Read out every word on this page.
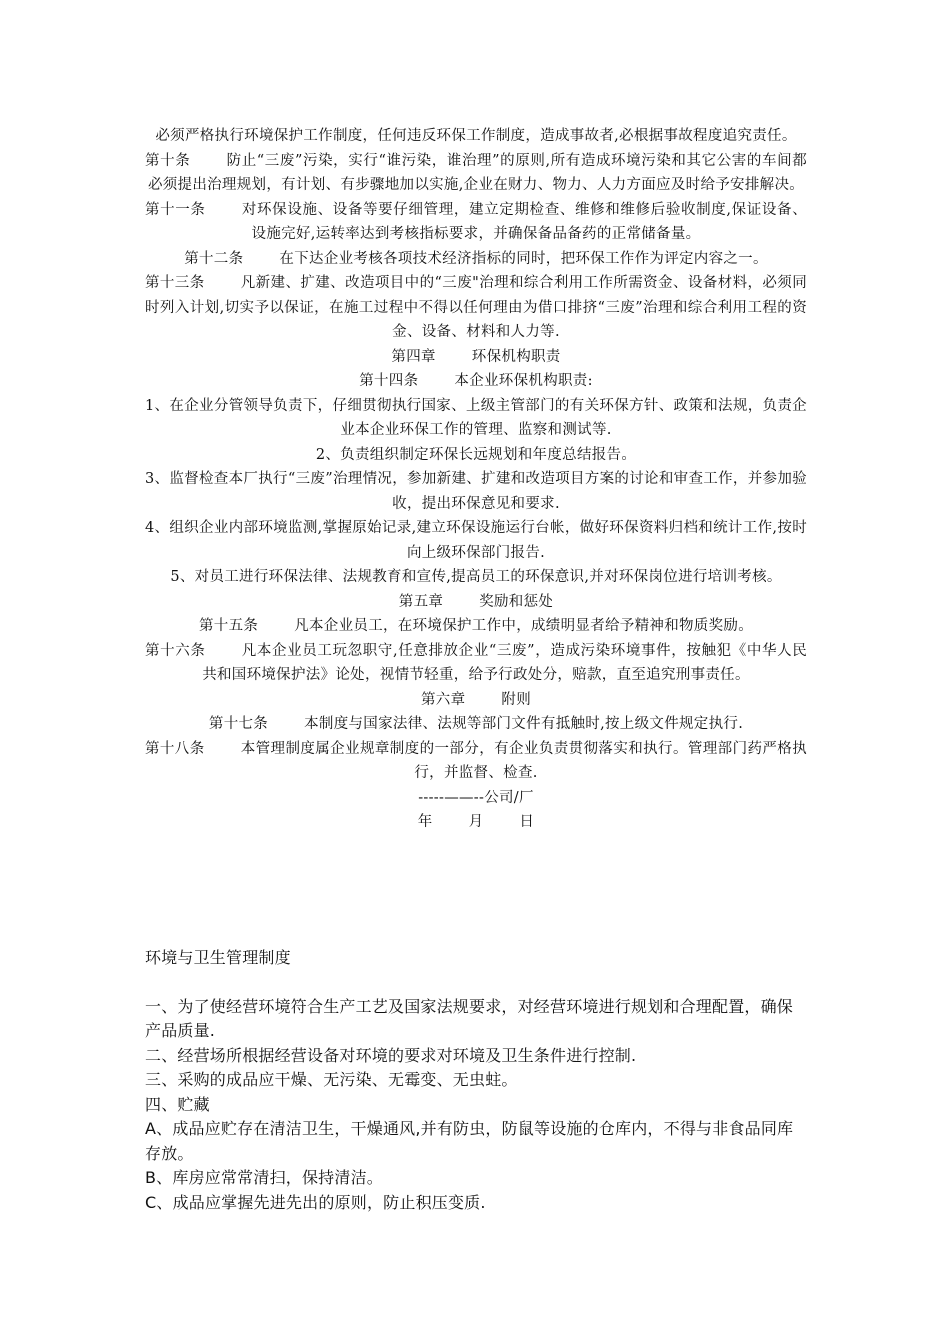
必须严格执行环境保护工作制度，任何违反环保工作制度，造成事故者,必根据事故程度追究责任。

第十条 防止“三废”污染，实行“谁污染，谁治理”的原则,所有造成环境污染和其它公害的车间都必须提出治理规划，有计划、有步骤地加以实施,企业在财力、物力、人力方面应及时给予安排解决。

第十一条 对环保设施、设备等要仔细管理，建立定期检查、维修和维修后验收制度,保证设备、设施完好,运转率达到考核指标要求，并确保备品备药的正常储备量。

第十二条 在下达企业考核各项技术经济指标的同时，把环保工作作为评定内容之一。

第十三条 凡新建、扩建、改造项目中的“三废"治理和综合利用工作所需资金、设备材料，必须同时列入计划,切实予以保证，在施工过程中不得以任何理由为借口排挤“三废”治理和综合利用工程的资金、设备、材料和人力等.

第四章 环保机构职责

第十四条 本企业环保机构职责:

1、在企业分管领导负责下，仔细贯彻执行国家、上级主管部门的有关环保方针、政策和法规，负责企业本企业环保工作的管理、监察和测试等.

2、负责组织制定环保长远规划和年度总结报告。

3、监督检查本厂执行“三废”治理情况，参加新建、扩建和改造项目方案的讨论和审查工作，并参加验收，提出环保意见和要求.

4、组织企业内部环境监测,掌握原始记录,建立环保设施运行台帐，做好环保资料归档和统计工作,按时向上级环保部门报告.

5、对员工进行环保法律、法规教育和宣传,提高员工的环保意识,并对环保岗位进行培训考核。

第五章 奖励和惩处

第十五条 凡本企业员工，在环境保护工作中，成绩明显者给予精神和物质奖励。

第十六条 凡本企业员工玩忽职守,任意排放企业“三废”，造成污染环境事件，按触犯《中华人民共和国环境保护法》论处，视情节轻重，给予行政处分，赔款，直至追究刑事责任。

第六章 附则

第十七条 本制度与国家法律、法规等部门文件有抵触时,按上级文件规定执行.

第十八条 本管理制度属企业规章制度的一部分，有企业负责贯彻落实和执行。管理部门药严格执行，并监督、检查.

-----——--公司/厂

年 月 日

环境与卫生管理制度

一、为了使经营环境符合生产工艺及国家法规要求，对经营环境进行规划和合理配置，确保产品质量.

二、经营场所根据经营设备对环境的要求对环境及卫生条件进行控制.

三、采购的成品应干燥、无污染、无霉变、无虫蛀。

四、贮藏

A、成品应贮存在清洁卫生，干燥通风,并有防虫，防鼠等设施的仓库内，不得与非食品同库存放。

B、库房应常常清扫，保持清洁。

C、成品应掌握先进先出的原则，防止积压变质.
